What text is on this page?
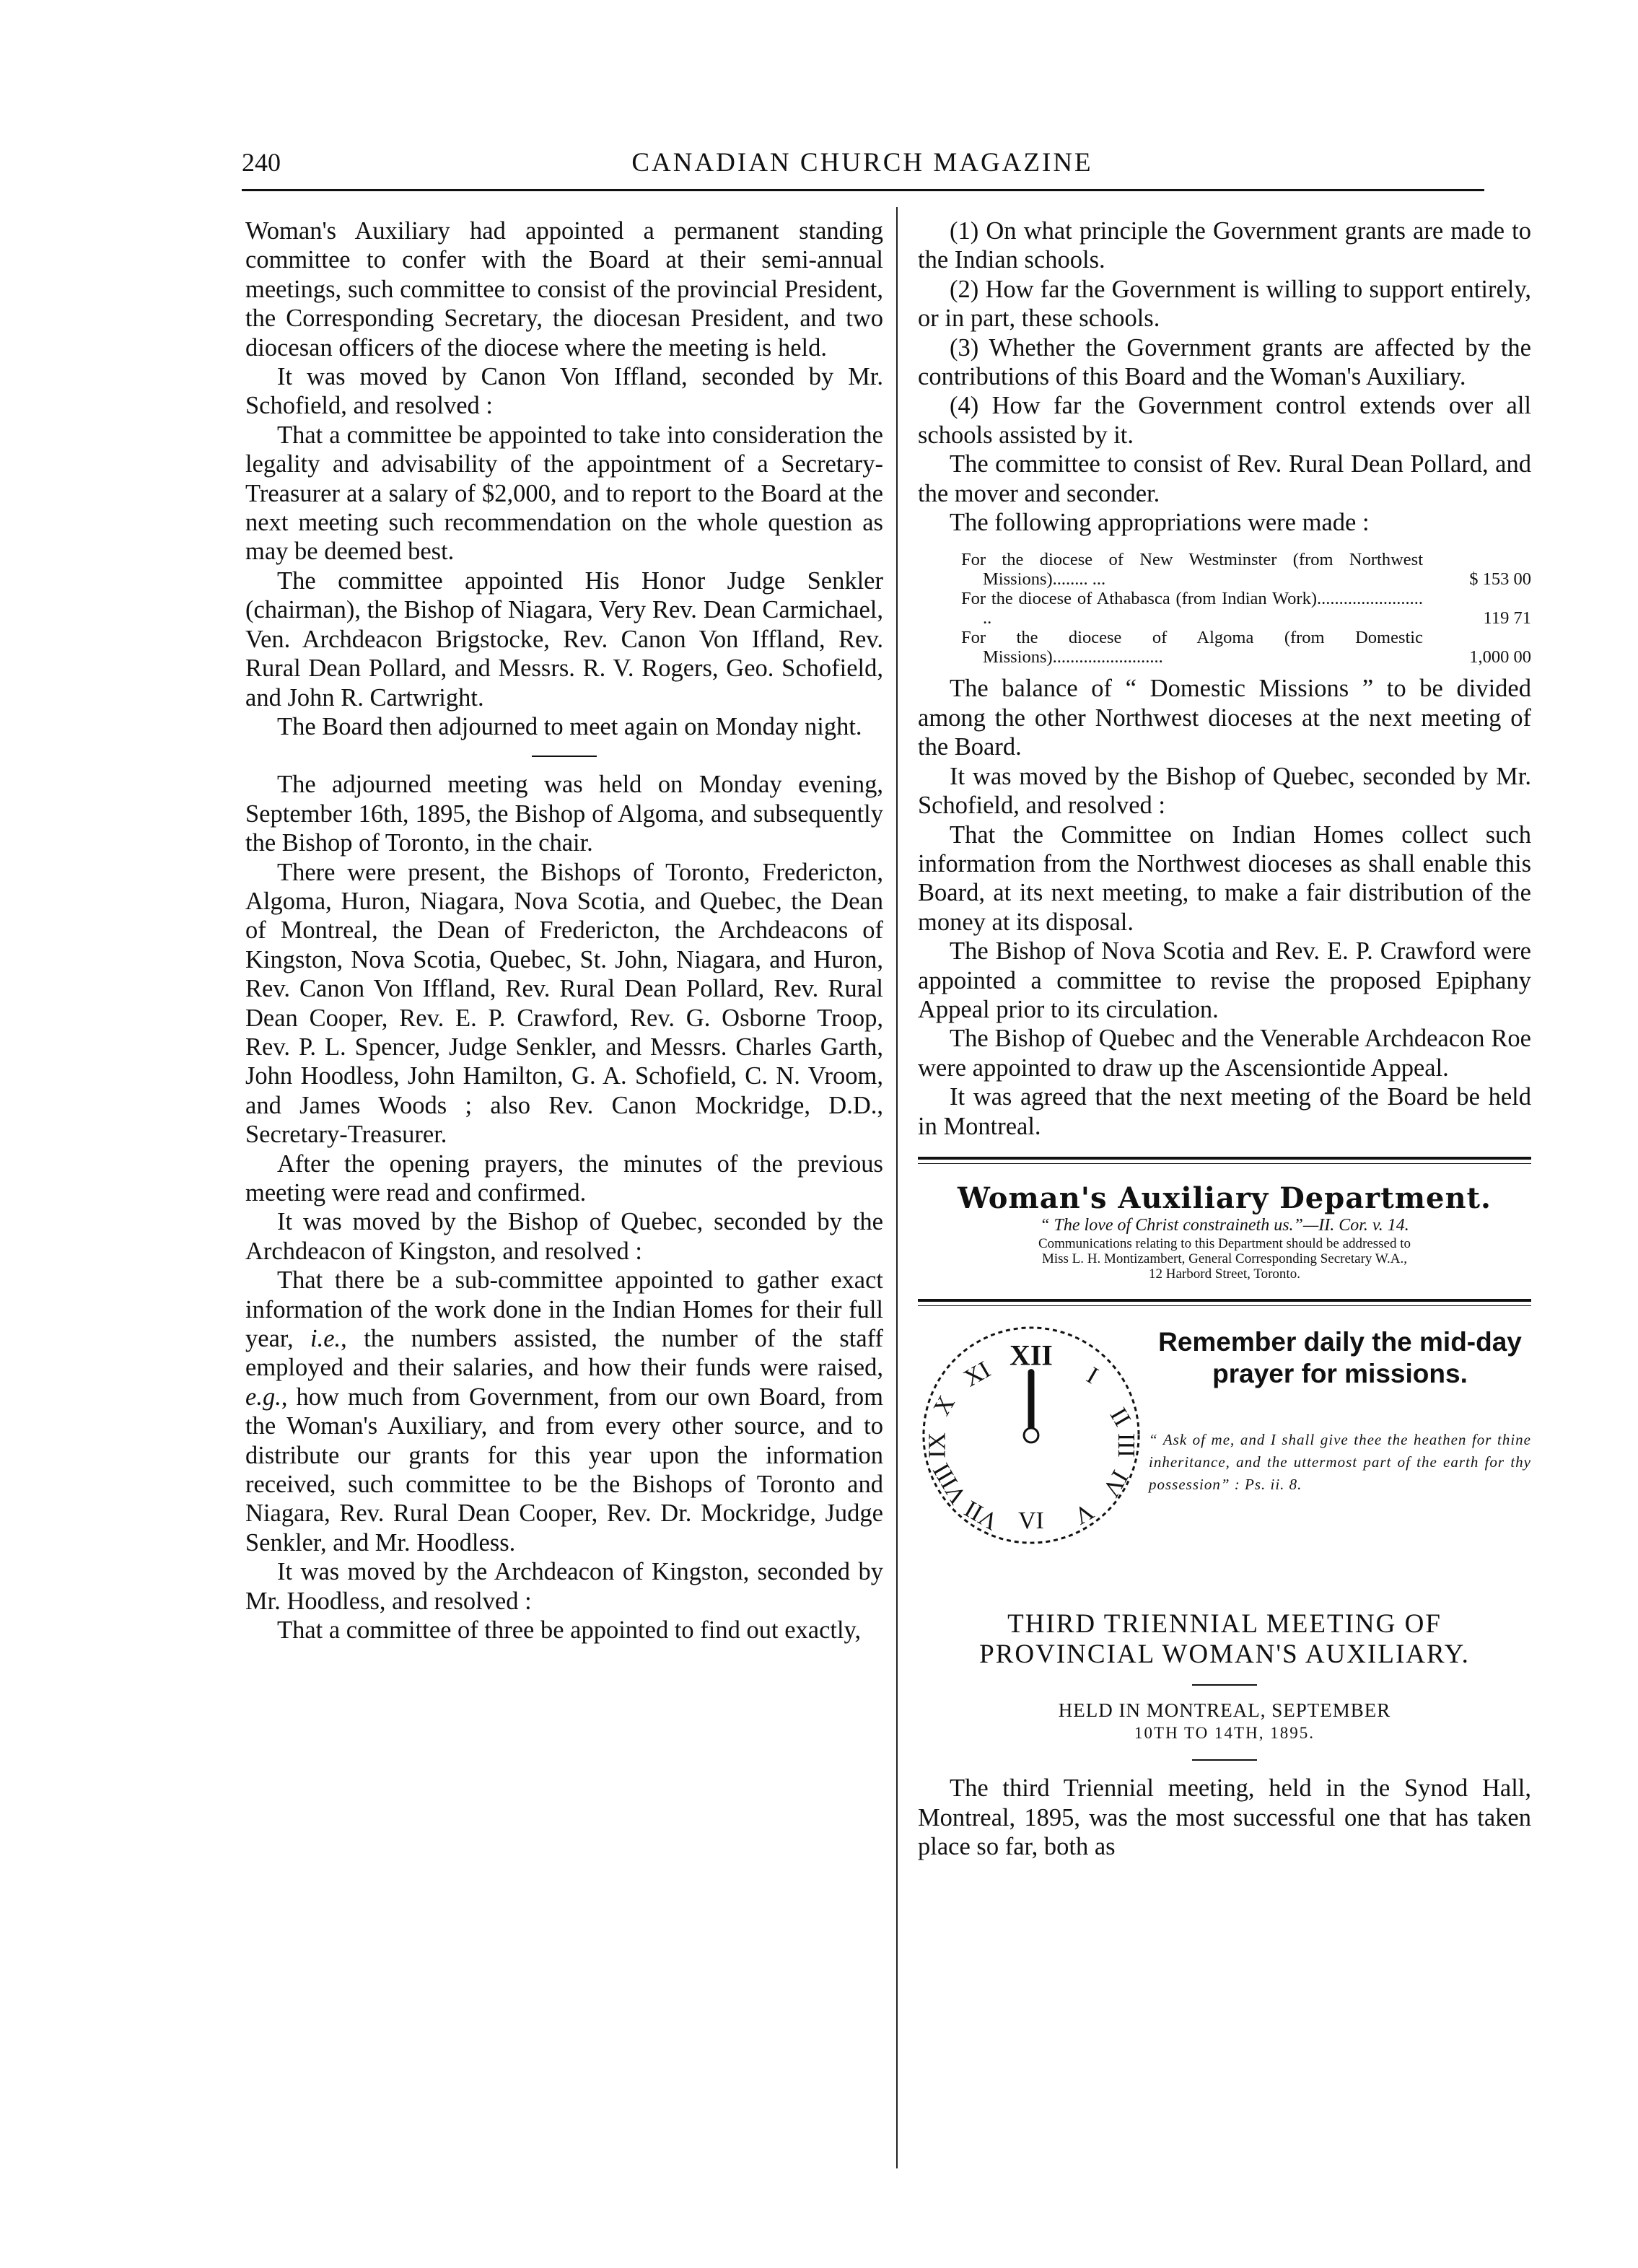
240	CANADIAN CHURCH MAGAZINE

Woman's Auxiliary had appointed a permanent standing committee to confer with the Board at their semi-annual meetings, such committee to consist of the provincial President, the Corresponding Secretary, the diocesan President, and two diocesan officers of the diocese where the meeting is held.

It was moved by Canon Von Iffland, seconded by Mr. Schofield, and resolved :

That a committee be appointed to take into consideration the legality and advisability of the appointment of a Secretary-Treasurer at a salary of $2,000, and to report to the Board at the next meeting such recommendation on the whole question as may be deemed best.

The committee appointed His Honor Judge Senkler (chairman), the Bishop of Niagara, Very Rev. Dean Carmichael, Ven. Archdeacon Brigstocke, Rev. Canon Von Iffland, Rev. Rural Dean Pollard, and Messrs. R. V. Rogers, Geo. Schofield, and John R. Cartwright.

The Board then adjourned to meet again on Monday night.

The adjourned meeting was held on Monday evening, September 16th, 1895, the Bishop of Algoma, and subsequently the Bishop of Toronto, in the chair.

There were present, the Bishops of Toronto, Fredericton, Algoma, Huron, Niagara, Nova Scotia, and Quebec, the Dean of Montreal, the Dean of Fredericton, the Archdeacons of Kingston, Nova Scotia, Quebec, St. John, Niagara, and Huron, Rev. Canon Von Iffland, Rev. Rural Dean Pollard, Rev. Rural Dean Cooper, Rev. E. P. Crawford, Rev. G. Osborne Troop, Rev. P. L. Spencer, Judge Senkler, and Messrs. Charles Garth, John Hoodless, John Hamilton, G. A. Schofield, C. N. Vroom, and James Woods ; also Rev. Canon Mockridge, D.D., Secretary-Treasurer.

After the opening prayers, the minutes of the previous meeting were read and confirmed.

It was moved by the Bishop of Quebec, seconded by the Archdeacon of Kingston, and resolved :

That there be a sub-committee appointed to gather exact information of the work done in the Indian Homes for their full year, i.e., the numbers assisted, the number of the staff employed and their salaries, and how their funds were raised, e.g., how much from Government, from our own Board, from the Woman's Auxiliary, and from every other source, and to distribute our grants for this year upon the information received, such committee to be the Bishops of Toronto and Niagara, Rev. Rural Dean Cooper, Rev. Dr. Mockridge, Judge Senkler, and Mr. Hoodless.

It was moved by the Archdeacon of Kingston, seconded by Mr. Hoodless, and resolved :

That a committee of three be appointed to find out exactly,

(1) On what principle the Government grants are made to the Indian schools.

(2) How far the Government is willing to support entirely, or in part, these schools.

(3) Whether the Government grants are affected by the contributions of this Board and the Woman's Auxiliary.

(4) How far the Government control extends over all schools assisted by it.

The committee to consist of Rev. Rural Dean Pollard, and the mover and seconder.

The following appropriations were made :

For the diocese of New Westminster (from Northwest Missions)........ ...	$ 153 00
For the diocese of Athabasca (from Indian Work)........................ ..	119 71
For the diocese of Algoma (from Domestic Missions).........................	1,000 00

The balance of “ Domestic Missions ” to be divided among the other Northwest dioceses at the next meeting of the Board.

It was moved by the Bishop of Quebec, seconded by Mr. Schofield, and resolved :

That the Committee on Indian Homes collect such information from the Northwest dioceses as shall enable this Board, at its next meeting, to make a fair distribution of the money at its disposal.

The Bishop of Nova Scotia and Rev. E. P. Crawford were appointed a committee to revise the proposed Epiphany Appeal prior to its circulation.

The Bishop of Quebec and the Venerable Archdeacon Roe were appointed to draw up the Ascensiontide Appeal.

It was agreed that the next meeting of the Board be held in Montreal.

Woman's Auxiliary Department.
“ The love of Christ constraineth us.”—II. Cor. v. 14.
Communications relating to this Department should be addressed to
Miss L. H. Montizambert, General Corresponding Secretary W.A.,
12 Harbord Street, Toronto.
XII
I
II
III
IV
V
VI
VII
VIII
IX
X
XI
Remember daily the mid-day prayer for missions.
“ Ask of me, and I shall give thee the heathen for thine inheritance, and the uttermost part of the earth for thy possession” : Ps. ii. 8.
THIRD TRIENNIAL MEETING OF PROVINCIAL WOMAN'S AUXILIARY.
HELD IN MONTREAL, SEPTEMBER
10TH TO 14TH, 1895.

The third Triennial meeting, held in the Synod Hall, Montreal, 1895, was the most successful one that has taken place so far, both as
